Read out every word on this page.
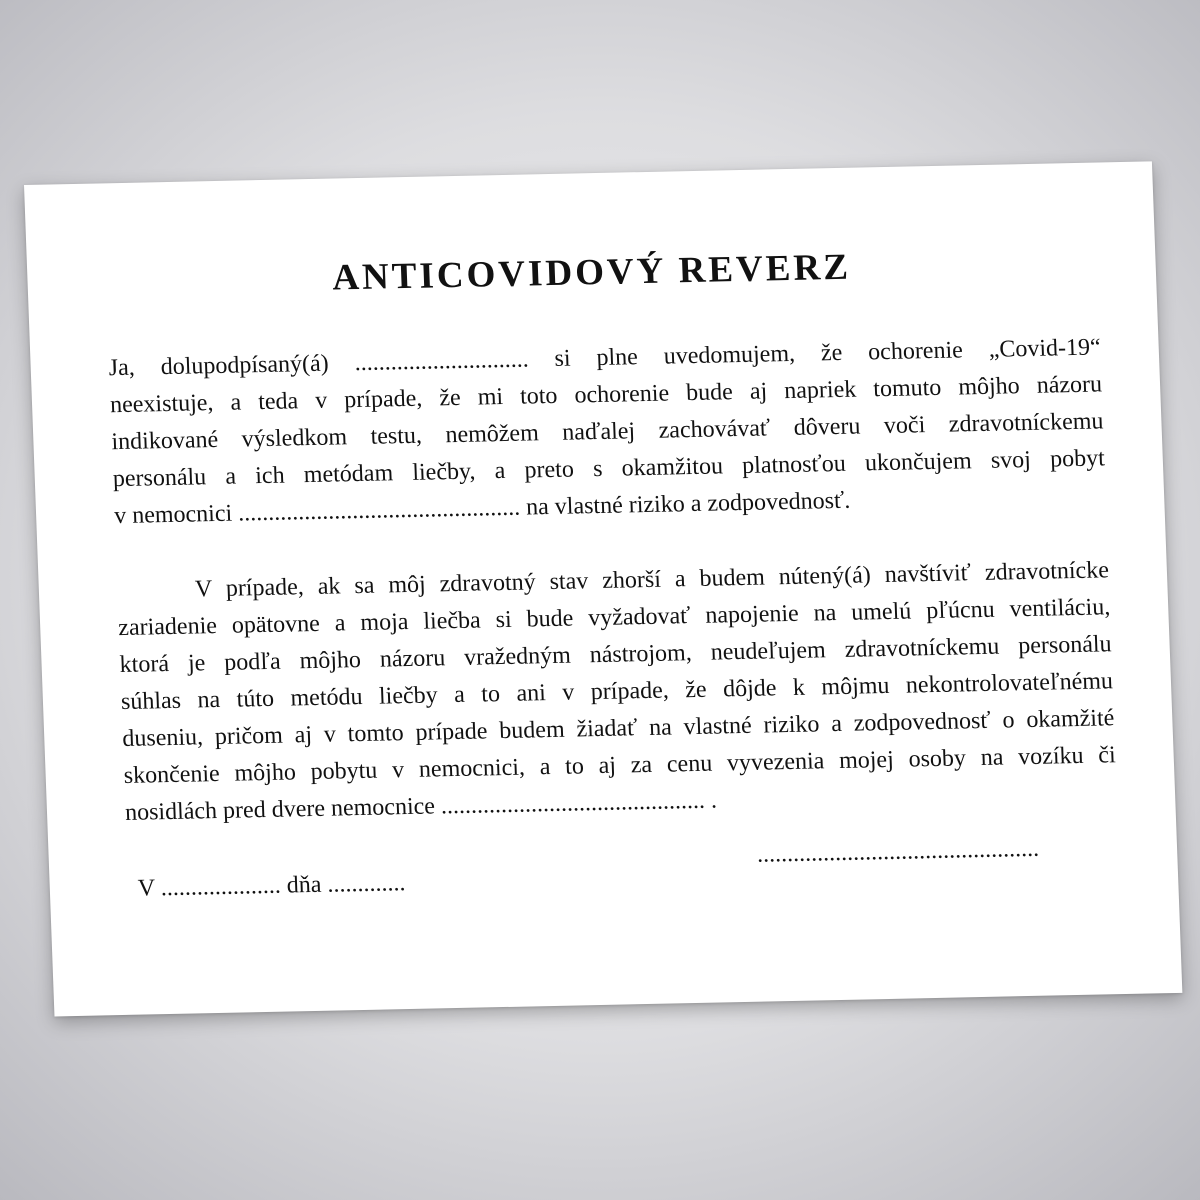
ANTICOVIDOVÝ REVERZ
Ja, dolupodpísaný(á) ............................. si plne uvedomujem, že ochorenie „Covid-19“
neexistuje, a teda v prípade, že mi toto ochorenie bude aj napriek tomuto môjho názoru
indikované výsledkom testu, nemôžem naďalej zachovávať dôveru voči zdravotníckemu
personálu a ich metódam liečby, a preto s okamžitou platnosťou ukončujem svoj pobyt
v nemocnici ............................................... na vlastné riziko a zodpovednosť.
V prípade, ak sa môj zdravotný stav zhorší a budem nútený(á) navštíviť zdravotnícke
zariadenie opätovne a moja liečba si bude vyžadovať napojenie na umelú pľúcnu ventiláciu,
ktorá je podľa môjho názoru vražedným nástrojom, neudeľujem zdravotníckemu personálu
súhlas na túto metódu liečby a to ani v prípade, že dôjde k môjmu nekontrolovateľnému
duseniu, pričom aj v tomto prípade budem žiadať na vlastné riziko a zodpovednosť o okamžité
skončenie môjho pobytu v nemocnici, a to aj za cenu vyvezenia mojej osoby na vozíku či
nosidlách pred dvere nemocnice ............................................ .
V .................... dňa .............
...............................................
